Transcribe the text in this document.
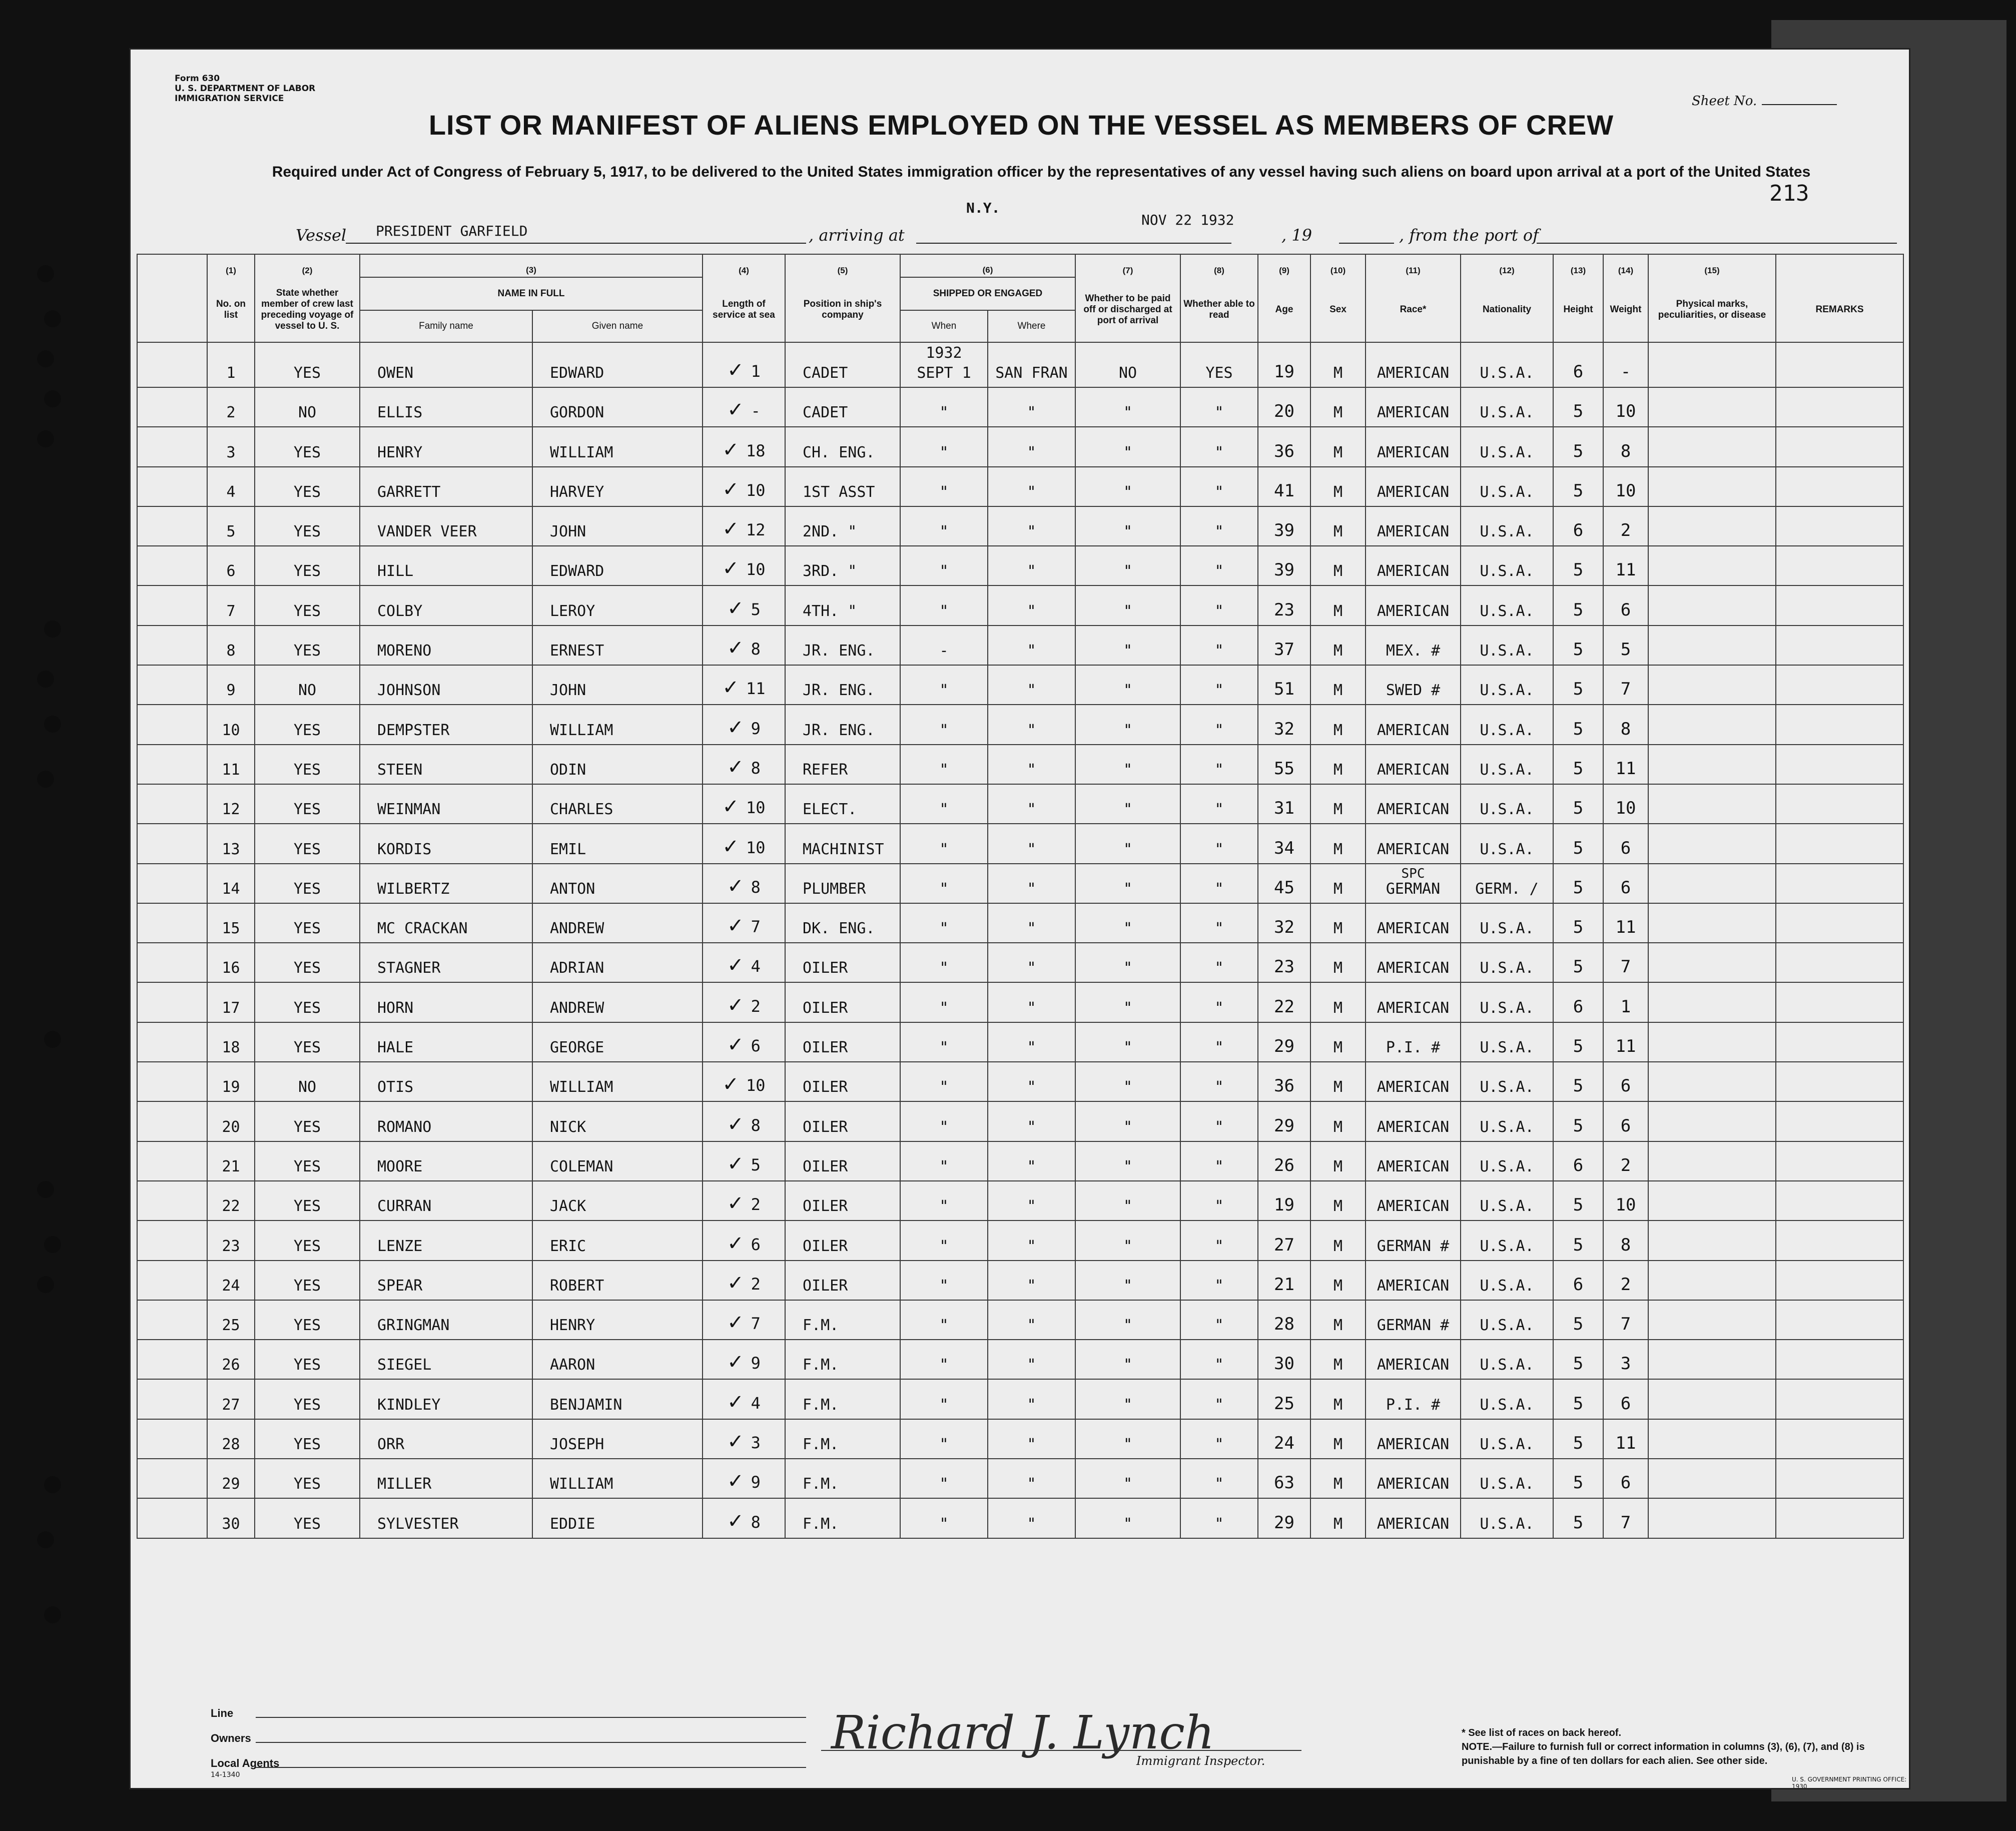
Form 630
U. S. DEPARTMENT OF LABOR
IMMIGRATION SERVICE	Sheet No.
LIST OR MANIFEST OF ALIENS EMPLOYED ON THE VESSEL AS MEMBERS OF CREW
Required under Act of Congress of February 5, 1917, to be delivered to the United States immigration officer by the representatives of any vessel having such aliens on board upon arrival at a port of the United States
213
Vessel PRESIDENT GARFIELD	, arriving at
N.Y.
NOV 22 1932
, 19	, from the port of
	(1)	(2)	(3)		(4)	(5)	(6)		(7)	(8)	(9)	(10)	(11)	(12)	(13)	(14)	(15)	
	No. on list	State whether member of crew last preceding voyage of vessel to U. S.	NAME IN FULL		Length of service at sea	Position in ship's company	SHIPPED OR ENGAGED		Whether to be paid off or discharged at port of arrival	Whether able to read	Age	Sex	Race*	Nationality	Height	Weight	Physical marks, peculiarities, or disease	REMARKS
			Family name	Given name			When	Where										
	1	YES	OWEN	EDWARD	✓ 1	CADET	1932
SEPT 1	SAN FRAN	NO	YES	19	M	AMERICAN	U.S.A.	6	-		
	2	NO	ELLIS	GORDON	✓ -	CADET	"	"	"	"	20	M	AMERICAN	U.S.A.	5	10		
	3	YES	HENRY	WILLIAM	✓ 18	CH. ENG.	"	"	"	"	36	M	AMERICAN	U.S.A.	5	8		
	4	YES	GARRETT	HARVEY	✓ 10	1ST ASST	"	"	"	"	41	M	AMERICAN	U.S.A.	5	10		
	5	YES	VANDER VEER	JOHN	✓ 12	2ND. "	"	"	"	"	39	M	AMERICAN	U.S.A.	6	2		
	6	YES	HILL	EDWARD	✓ 10	3RD. "	"	"	"	"	39	M	AMERICAN	U.S.A.	5	11		
	7	YES	COLBY	LEROY	✓ 5	4TH. "	"	"	"	"	23	M	AMERICAN	U.S.A.	5	6		
	8	YES	MORENO	ERNEST	✓ 8	JR. ENG.	-	"	"	"	37	M	MEX. #	U.S.A.	5	5		
	9	NO	JOHNSON	JOHN	✓ 11	JR. ENG.	"	"	"	"	51	M	SWED #	U.S.A.	5	7		
	10	YES	DEMPSTER	WILLIAM	✓ 9	JR. ENG.	"	"	"	"	32	M	AMERICAN	U.S.A.	5	8		
	11	YES	STEEN	ODIN	✓ 8	REFER	"	"	"	"	55	M	AMERICAN	U.S.A.	5	11		
	12	YES	WEINMAN	CHARLES	✓ 10	ELECT.	"	"	"	"	31	M	AMERICAN	U.S.A.	5	10		
	13	YES	KORDIS	EMIL	✓ 10	MACHINIST	"	"	"	"	34	M	AMERICAN	U.S.A.	5	6		
	14	YES	WILBERTZ	ANTON	✓ 8	PLUMBER	"	"	"	"	45	M	SPC
GERMAN	GERM. /	5	6		
	15	YES	MC CRACKAN	ANDREW	✓ 7	DK. ENG.	"	"	"	"	32	M	AMERICAN	U.S.A.	5	11		
	16	YES	STAGNER	ADRIAN	✓ 4	OILER	"	"	"	"	23	M	AMERICAN	U.S.A.	5	7		
	17	YES	HORN	ANDREW	✓ 2	OILER	"	"	"	"	22	M	AMERICAN	U.S.A.	6	1		
	18	YES	HALE	GEORGE	✓ 6	OILER	"	"	"	"	29	M	P.I. #	U.S.A.	5	11		
	19	NO	OTIS	WILLIAM	✓ 10	OILER	"	"	"	"	36	M	AMERICAN	U.S.A.	5	6		
	20	YES	ROMANO	NICK	✓ 8	OILER	"	"	"	"	29	M	AMERICAN	U.S.A.	5	6		
	21	YES	MOORE	COLEMAN	✓ 5	OILER	"	"	"	"	26	M	AMERICAN	U.S.A.	6	2		
	22	YES	CURRAN	JACK	✓ 2	OILER	"	"	"	"	19	M	AMERICAN	U.S.A.	5	10		
	23	YES	LENZE	ERIC	✓ 6	OILER	"	"	"	"	27	M	GERMAN #	U.S.A.	5	8		
	24	YES	SPEAR	ROBERT	✓ 2	OILER	"	"	"	"	21	M	AMERICAN	U.S.A.	6	2		
	25	YES	GRINGMAN	HENRY	✓ 7	F.M.	"	"	"	"	28	M	GERMAN #	U.S.A.	5	7		
	26	YES	SIEGEL	AARON	✓ 9	F.M.	"	"	"	"	30	M	AMERICAN	U.S.A.	5	3		
	27	YES	KINDLEY	BENJAMIN	✓ 4	F.M.	"	"	"	"	25	M	P.I. #	U.S.A.	5	6		
	28	YES	ORR	JOSEPH	✓ 3	F.M.	"	"	"	"	24	M	AMERICAN	U.S.A.	5	11		
	29	YES	MILLER	WILLIAM	✓ 9	F.M.	"	"	"	"	63	M	AMERICAN	U.S.A.	5	6		
	30	YES	SYLVESTER	EDDIE	✓ 8	F.M.	"	"	"	"	29	M	AMERICAN	U.S.A.	5	7		
Line
Owners
Local Agents
14-1340
Richard J. Lynch
Immigrant Inspector.
* See list of races on back hereof.
NOTE.—Failure to furnish full or correct information in columns (3), (6), (7), and (8) is punishable by a fine of ten dollars for each alien. See other side.
U. S. GOVERNMENT PRINTING OFFICE: 1930
